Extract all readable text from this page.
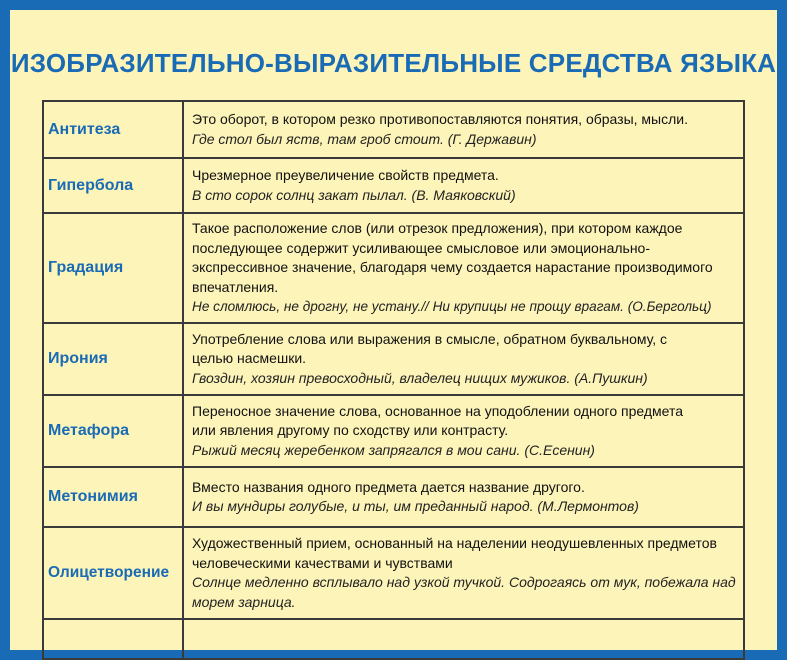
ИЗОБРАЗИТЕЛЬНО-ВЫРАЗИТЕЛЬНЫЕ СРЕДСТВА ЯЗЫКА
Антитеза	Это оборот, в котором резко противопоставляются понятия, образы, мысли.
Где стол был яств, там гроб стоит. (Г. Державин)

Гипербола	Чрезмерное преувеличение свойств предмета.
В сто сорок солнц закат пылал. (В. Маяковский)

Градация	Такое расположение слов (или отрезок предложения), при котором каждое последующее содержит усиливающее смысловое или эмоционально-экспрессивное значение, благодаря чему создается нарастание производимого впечатления.
Не сломлюсь, не дрогну, не устану.// Ни крупицы не прощу врагам. (О.Бергольц)

Ирония	Употребление слова или выражения в смысле, обратном буквальному, с целью насмешки.
Гвоздин, хозяин превосходный, владелец нищих мужиков. (А.Пушкин)

Метафора	Переносное значение слова, основанное на уподоблении одного предмета или явления другому по сходству или контрасту.
Рыжий месяц жеребенком запрягался в мои сани. (С.Есенин)

Метонимия	Вместо названия одного предмета дается название другого.
И вы мундиры голубые, и ты, им преданный народ. (М.Лермонтов)

Олицетворение	Художественный прием, основанный на наделении неодушевленных предметов человеческими качествами и чувствами
Солнце медленно всплывало над узкой тучкой. Содрогаясь от мук, побежала над морем зарница.
